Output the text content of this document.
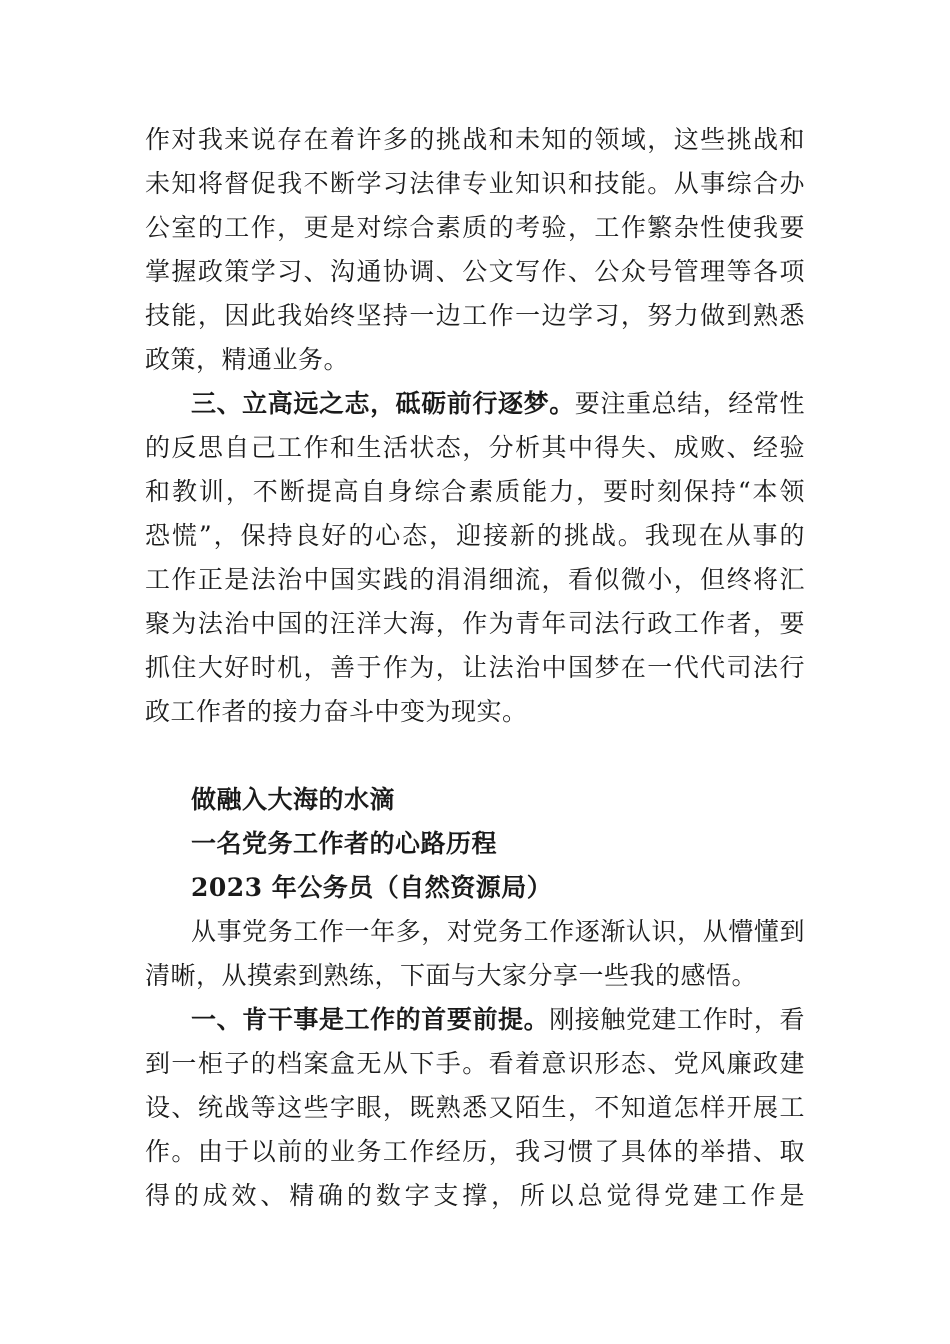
作对我来说存在着许多的挑战和未知的领域，这些挑战和
未知将督促我不断学习法律专业知识和技能。从事综合办
公室的工作，更是对综合素质的考验，工作繁杂性使我要
掌握政策学习、沟通协调、公文写作、公众号管理等各项
技能，因此我始终坚持一边工作一边学习，努力做到熟悉
政策，精通业务。
三、立高远之志，砥砺前行逐梦。要注重总结，经常性
的反思自己工作和生活状态，分析其中得失、成败、经验
和教训，不断提高自身综合素质能力，要时刻保持“本领
恐慌”，保持良好的心态，迎接新的挑战。我现在从事的
工作正是法治中国实践的涓涓细流，看似微小，但终将汇
聚为法治中国的汪洋大海，作为青年司法行政工作者，要
抓住大好时机，善于作为，让法治中国梦在一代代司法行
政工作者的接力奋斗中变为现实。
做融入大海的水滴
一名党务工作者的心路历程
2023 年公务员（自然资源局）
从事党务工作一年多，对党务工作逐渐认识，从懵懂到
清晰，从摸索到熟练，下面与大家分享一些我的感悟。
一、肯干事是工作的首要前提。刚接触党建工作时，看
到一柜子的档案盒无从下手。看着意识形态、党风廉政建
设、统战等这些字眼，既熟悉又陌生，不知道怎样开展工
作。由于以前的业务工作经历，我习惯了具体的举措、取
得的成效、精确的数字支撑，所以总觉得党建工作是
